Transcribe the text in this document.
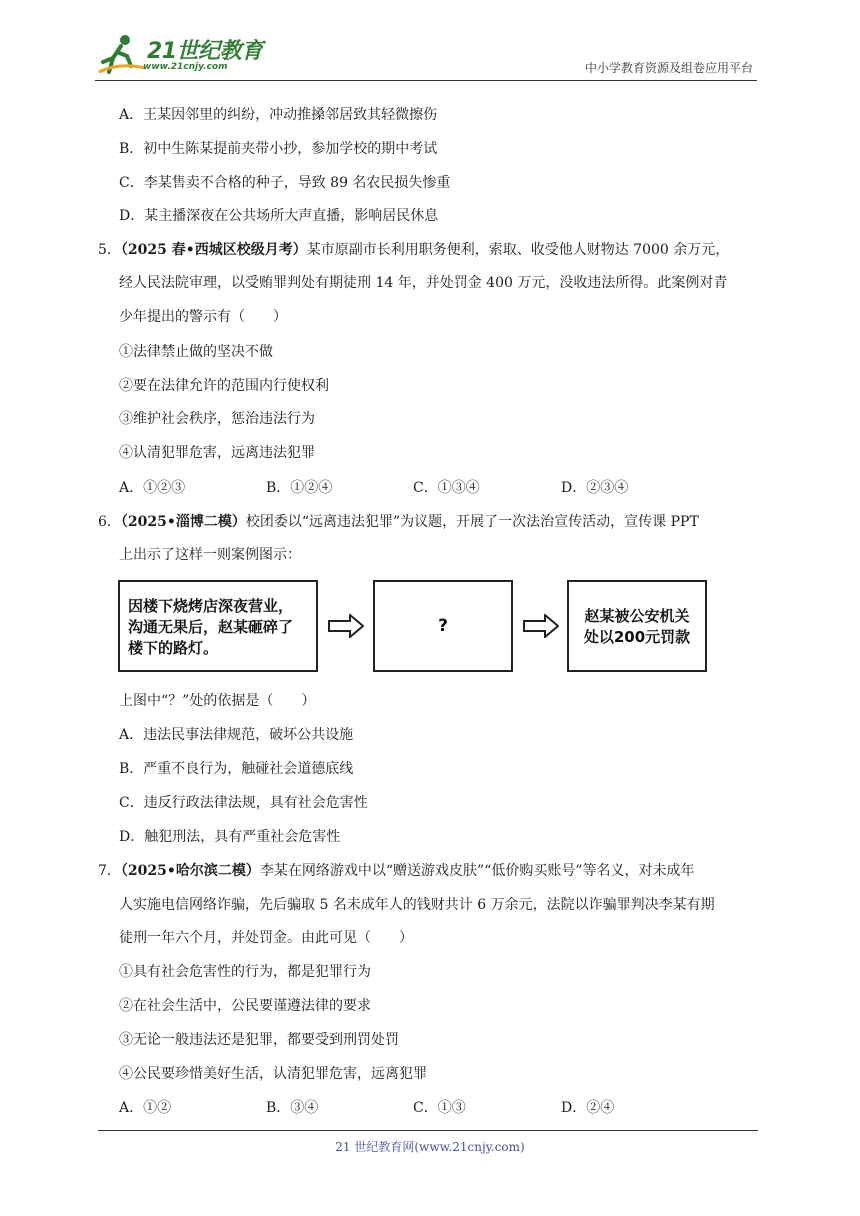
21世纪教育
www.21cnjy.com	中小学教育资源及组卷应用平台
A．王某因邻里的纠纷，冲动推搡邻居致其轻微擦伤
B．初中生陈某提前夹带小抄，参加学校的期中考试
C．李某售卖不合格的种子，导致 89 名农民损失惨重
D．某主播深夜在公共场所大声直播，影响居民休息
5．（2025 春•西城区校级月考）某市原副市长利用职务便利，索取、收受他人财物达 7000 余万元，
经人民法院审理，以受贿罪判处有期徒刑 14 年，并处罚金 400 万元，没收违法所得。此案例对青
少年提出的警示有（　　）
①法律禁止做的坚决不做
②要在法律允许的范围内行使权利
③维护社会秩序，惩治违法行为
④认清犯罪危害，远离违法犯罪
A．①②③	B．①②④	C．①③④	D．②③④
6．（2025•淄博二模）校团委以“远离违法犯罪”为议题，开展了一次法治宣传活动，宣传课 PPT
上出示了这样一则案例图示：
因楼下烧烤店深夜营业，
沟通无果后，赵某砸碎了
楼下的路灯。
?	赵某被公安机关
处以200元罚款
上图中“？”处的依据是（　　）
A．违法民事法律规范，破坏公共设施
B．严重不良行为，触碰社会道德底线
C．违反行政法律法规，具有社会危害性
D．触犯刑法，具有严重社会危害性
7．（2025•哈尔滨二模）李某在网络游戏中以“赠送游戏皮肤”“低价购买账号”等名义，对未成年
人实施电信网络诈骗，先后骗取 5 名未成年人的钱财共计 6 万余元，法院以诈骗罪判决李某有期
徒刑一年六个月，并处罚金。由此可见（　　）
①具有社会危害性的行为，都是犯罪行为
②在社会生活中，公民要谨遵法律的要求
③无论一般违法还是犯罪，都要受到刑罚处罚
④公民要珍惜美好生活，认清犯罪危害，远离犯罪
A．①②	B．③④	C．①③	D．②④
21 世纪教育网(www.21cnjy.com)
